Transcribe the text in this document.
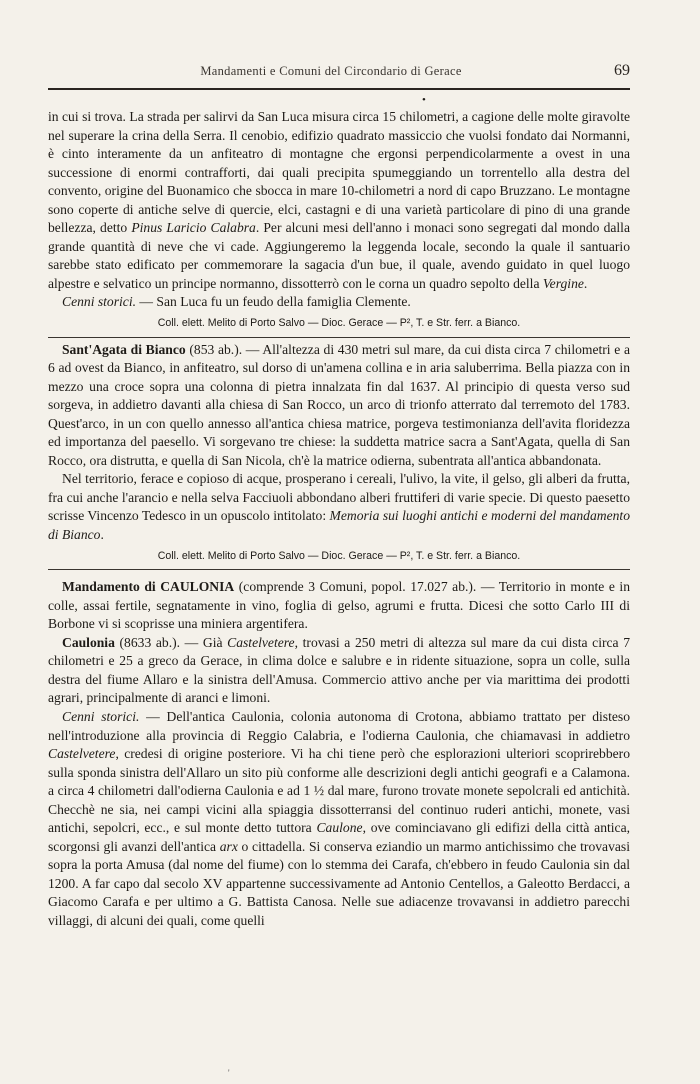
Mandamenti e Comuni del Circondario di Gerace	69
•

in cui si trova. La strada per salirvi da San Luca misura circa 15 chilometri, a cagione delle molte giravolte nel superare la crina della Serra. Il cenobio, edifizio quadrato massiccio che vuolsi fondato dai Normanni, è cinto interamente da un anfiteatro di montagne che ergonsi perpendicolarmente a ovest in una successione di enormi contrafforti, dai quali precipita spumeggiando un torrentello alla destra del convento, origine del Buonamico che sbocca in mare 10-chilometri a nord di capo Bruzzano. Le montagne sono coperte di antiche selve di quercie, elci, castagni e di una varietà particolare di pino di una grande bellezza, detto Pinus Laricio Calabra. Per alcuni mesi dell'anno i monaci sono segregati dal mondo dalla grande quantità di neve che vi cade. Aggiungeremo la leggenda locale, secondo la quale il santuario sarebbe stato edificato per commemorare la sagacia d'un bue, il quale, avendo guidato in quel luogo alpestre e selvatico un principe normanno, dissotterrò con le corna un quadro sepolto della Vergine.

Cenni storici. — San Luca fu un feudo della famiglia Clemente.

Coll. elett. Melito di Porto Salvo — Dioc. Gerace — P², T. e Str. ferr. a Bianco.

Sant'Agata di Bianco (853 ab.). — All'altezza di 430 metri sul mare, da cui dista circa 7 chilometri e a 6 ad ovest da Bianco, in anfiteatro, sul dorso di un'amena collina e in aria saluberrima. Bella piazza con in mezzo una croce sopra una colonna di pietra innalzata fin dal 1637. Al principio di questa verso sud sorgeva, in addietro davanti alla chiesa di San Rocco, un arco di trionfo atterrato dal terremoto del 1783. Quest'arco, in un con quello annesso all'antica chiesa matrice, porgeva testimonianza dell'avita floridezza ed importanza del paesello. Vi sorgevano tre chiese: la suddetta matrice sacra a Sant'Agata, quella di San Rocco, ora distrutta, e quella di San Nicola, ch'è la matrice odierna, subentrata all'antica abbandonata.

Nel territorio, ferace e copioso di acque, prosperano i cereali, l'ulivo, la vite, il gelso, gli alberi da frutta, fra cui anche l'arancio e nella selva Facciuoli abbondano alberi fruttiferi di varie specie. Di questo paesetto scrisse Vincenzo Tedesco in un opuscolo intitolato: Memoria sui luoghi antichi e moderni del mandamento di Bianco.

Coll. elett. Melito di Porto Salvo — Dioc. Gerace — P², T. e Str. ferr. a Bianco.

Mandamento di CAULONIA (comprende 3 Comuni, popol. 17.027 ab.). — Territorio in monte e in colle, assai fertile, segnatamente in vino, foglia di gelso, agrumi e frutta. Dicesi che sotto Carlo III di Borbone vi si scoprisse una miniera argentifera.

Caulonia (8633 ab.). — Già Castelvetere, trovasi a 250 metri di altezza sul mare da cui dista circa 7 chilometri e 25 a greco da Gerace, in clima dolce e salubre e in ridente situazione, sopra un colle, sulla destra del fiume Allaro e la sinistra dell'Amusa. Commercio attivo anche per via marittima dei prodotti agrari, principalmente di aranci e limoni.

Cenni storici. — Dell'antica Caulonia, colonia autonoma di Crotona, abbiamo trattato per disteso nell'introduzione alla provincia di Reggio Calabria, e l'odierna Caulonia, che chiamavasi in addietro Castelvetere, credesi di origine posteriore. Vi ha chi tiene però che esplorazioni ulteriori scoprirebbero sulla sponda sinistra dell'Allaro un sito più conforme alle descrizioni degli antichi geografi e a Calamona. a circa 4 chilometri dall'odierna Caulonia e ad 1 ½ dal mare, furono trovate monete sepolcrali ed antichità. Checchè ne sia, nei campi vicini alla spiaggia dissotterransi del continuo ruderi antichi, monete, vasi antichi, sepolcri, ecc., e sul monte detto tuttora Caulone, ove cominciavano gli edifizi della città antica, scorgonsi gli avanzi dell'antica arx o cittadella. Si conserva eziandio un marmo antichissimo che trovavasi sopra la porta Amusa (dal nome del fiume) con lo stemma dei Carafa, ch'ebbero in feudo Caulonia sin dal 1200. A far capo dal secolo XV appartenne successivamente ad Antonio Centellos, a Galeotto Berdacci, a Giacomo Carafa e per ultimo a G. Battista Canosa. Nelle sue adiacenze trovavansi in addietro parecchi villaggi, di alcuni dei quali, come quelli

'
